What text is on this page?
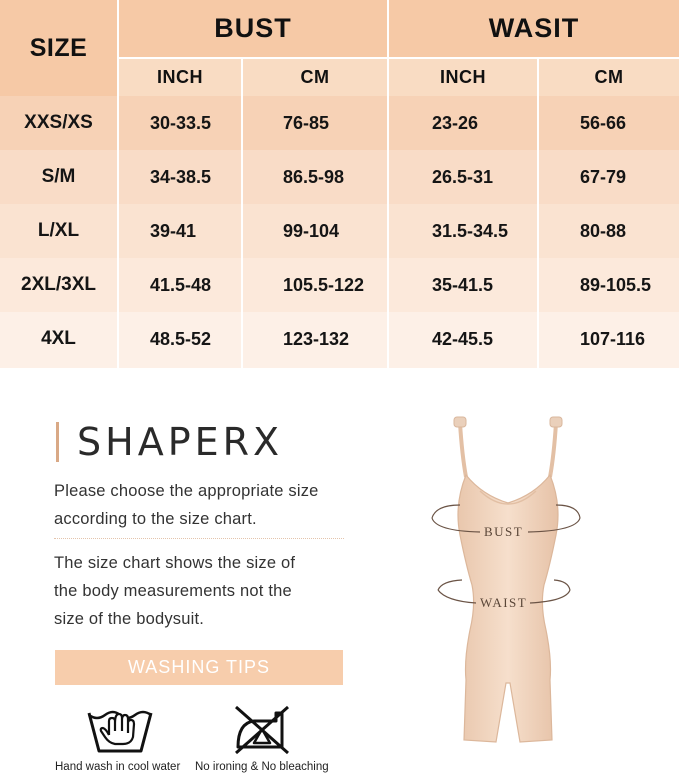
SIZE
BUST	WASIT
INCH	CM	INCH	CM
XXS/XS	30-33.5	76-85	23-26	56-66
S/M	34-38.5	86.5-98	26.5-31	67-79
L/XL	39-41	99-104	31.5-34.5	80-88
2XL/3XL	41.5-48	105.5-122	35-41.5	89-105.5
4XL	48.5-52	123-132	42-45.5	107-116
SHAPERX
Please choose the appropriate size
according to the size chart.
The size chart shows the size of
the body measurements not the
size of the bodysuit.
WASHING TIPS
Hand wash in cool water No ironing & No bleaching
BUST
WAIST
